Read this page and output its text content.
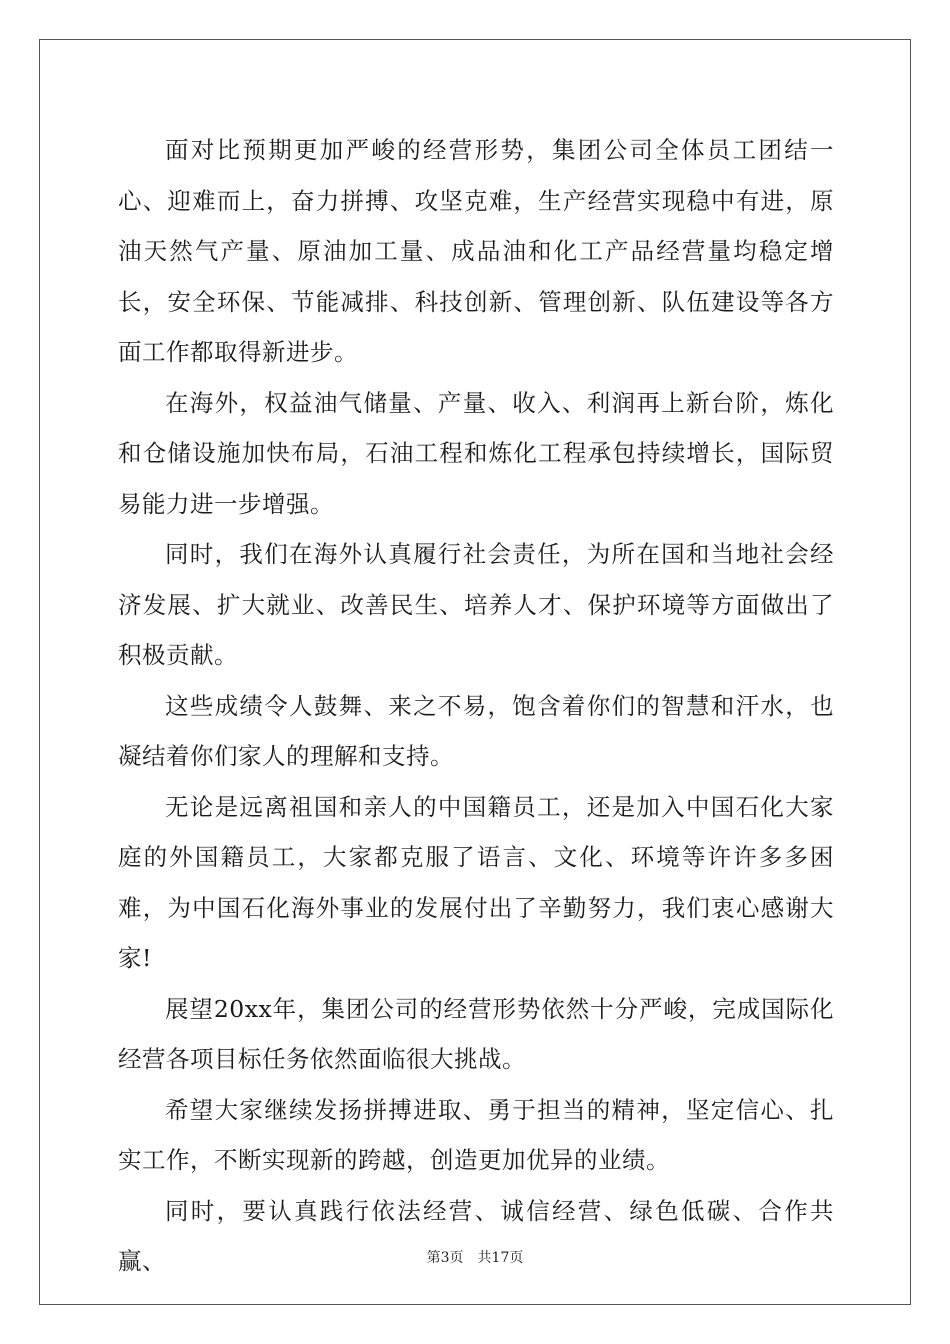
面对比预期更加严峻的经营形势，集团公司全体员工团结一心、迎难而上，奋力拼搏、攻坚克难，生产经营实现稳中有进，原油天然气产量、原油加工量、成品油和化工产品经营量均稳定增长，安全环保、节能减排、科技创新、管理创新、队伍建设等各方面工作都取得新进步。

在海外，权益油气储量、产量、收入、利润再上新台阶，炼化和仓储设施加快布局，石油工程和炼化工程承包持续增长，国际贸易能力进一步增强。

同时，我们在海外认真履行社会责任，为所在国和当地社会经济发展、扩大就业、改善民生、培养人才、保护环境等方面做出了积极贡献。

这些成绩令人鼓舞、来之不易，饱含着你们的智慧和汗水，也凝结着你们家人的理解和支持。

无论是远离祖国和亲人的中国籍员工，还是加入中国石化大家庭的外国籍员工，大家都克服了语言、文化、环境等许许多多困难，为中国石化海外事业的发展付出了辛勤努力，我们衷心感谢大家!

展望20xx年，集团公司的经营形势依然十分严峻，完成国际化经营各项目标任务依然面临很大挑战。

希望大家继续发扬拼搏进取、勇于担当的精神，坚定信心、扎实工作，不断实现新的跨越，创造更加优异的业绩。

同时，要认真践行依法经营、诚信经营、绿色低碳、合作共赢、	第3页 共17页
